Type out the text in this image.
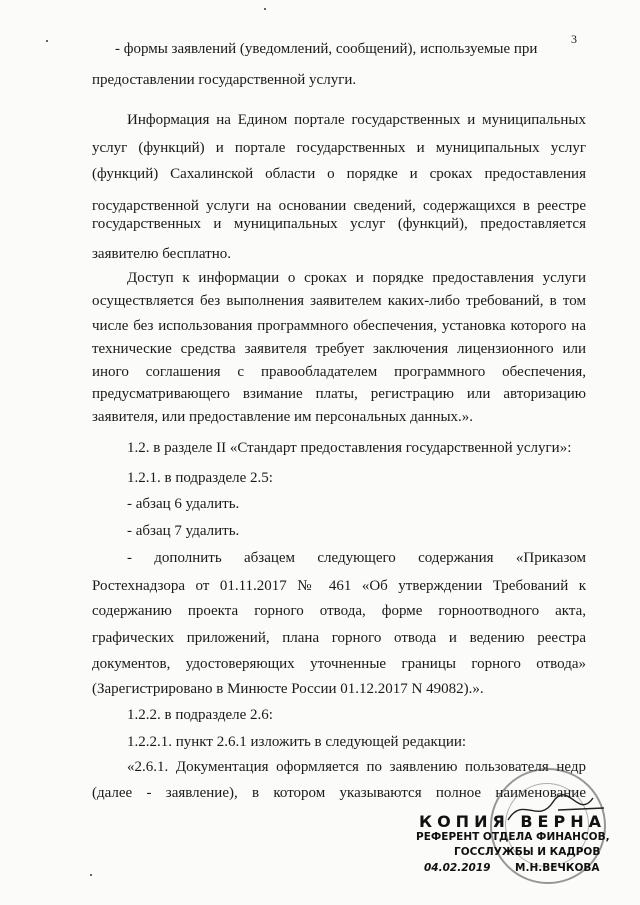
3
- формы заявлений (уведомлений, сообщений), используемые при
предоставлении государственной услуги.
Информация на Едином портале государственных и муниципальных
услуг (функций) и портале государственных и муниципальных услуг
(функций) Сахалинской области о порядке и сроках предоставления
государственной услуги на основании сведений, содержащихся в реестре
государственных и муниципальных услуг (функций), предоставляется
заявителю бесплатно.
Доступ к информации о сроках и порядке предоставления услуги
осуществляется без выполнения заявителем каких-либо требований, в том
числе без использования программного обеспечения, установка которого на
технические средства заявителя требует заключения лицензионного или
иного соглашения с правообладателем программного обеспечения,
предусматривающего взимание платы, регистрацию или авторизацию
заявителя, или предоставление им персональных данных.».
1.2. в разделе II «Стандарт предоставления государственной услуги»:
1.2.1. в подразделе 2.5:
- абзац 6 удалить.
- абзац 7 удалить.
- дополнить абзацем следующего содержания «Приказом
Ростехнадзора от 01.11.2017 № 461 «Об утверждении Требований к
содержанию проекта горного отвода, форме горноотводного акта,
графических приложений, плана горного отвода и ведению реестра
документов, удостоверяющих уточненные границы горного отвода»
(Зарегистрировано в Минюсте России 01.12.2017 N 49082).».
1.2.2. в подразделе 2.6:
1.2.2.1. пункт 2.6.1 изложить в следующей редакции:
«2.6.1. Документация оформляется по заявлению пользователя недр
(далее - заявление), в котором указываются полное наименование
КОПИЯ ВЕРНА
РЕФЕРЕНТ ОТДЕЛА ФИНАНСОВ,
ГОССЛУЖБЫ И КАДРОВ
04.02.2019 М.Н.ВЕЧКОВА
